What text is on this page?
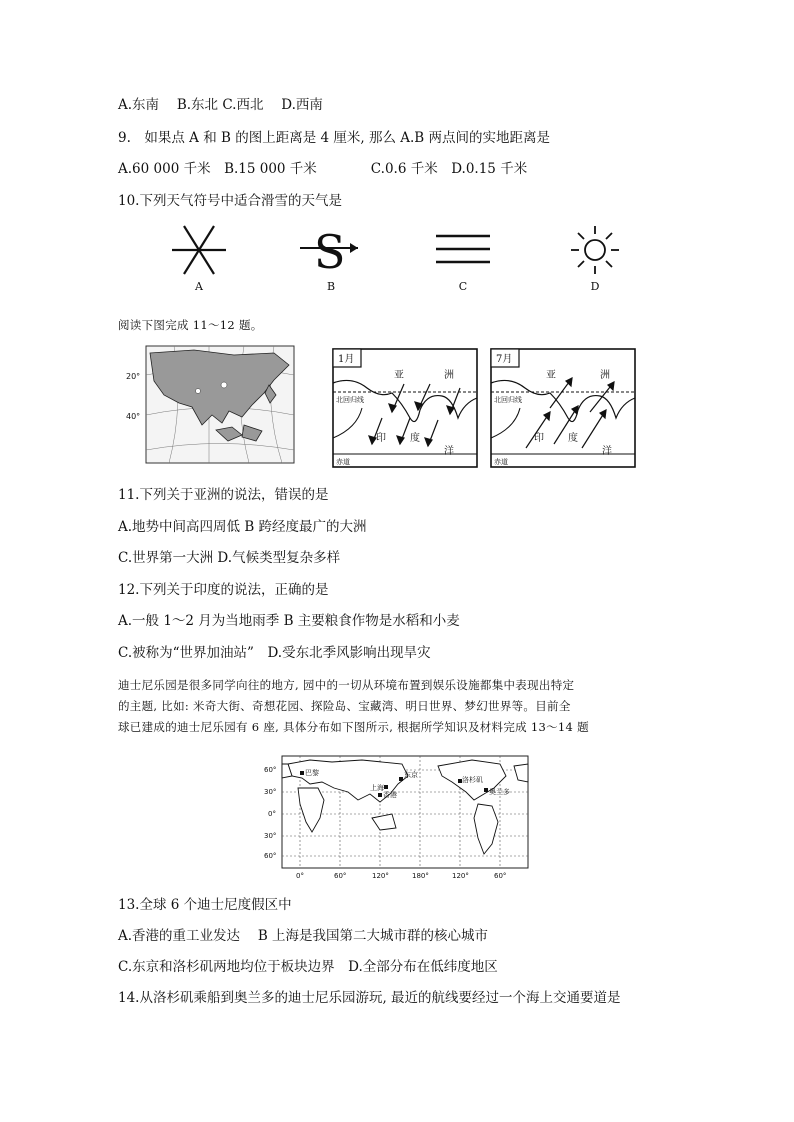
A.东南　 B.东北 C.西北　 D.西南
9.　如果点 A 和 B 的图上距离是 4 厘米, 那么 A.B 两点间的实地距离是
A.60 000 千米　B.15 000 千米　　　　C.0.6 千米　D.0.15 千米
10.下列天气符号中适合滑雪的天气是
S
A	B	C	D
阅读下图完成 11～12 题。
20°
40°
1月
北回归线
赤道
亚	洲
印 度
洋
7月
北回归线
赤道
亚	洲
印 度
洋
11.下列关于亚洲的说法，错误的是
A.地势中间高四周低 B 跨经度最广的大洲
C.世界第一大洲 D.气候类型复杂多样
12.下列关于印度的说法，正确的是
A.一般 1～2 月为当地雨季 B 主要粮食作物是水稻和小麦
C.被称为“世界加油站”　D.受东北季风影响出现旱灾
迪士尼乐园是很多同学向往的地方, 园中的一切从环境布置到娱乐设施都集中表现出特定
的主题, 比如: 米奇大街、奇想花园、探险岛、宝藏湾、明日世界、梦幻世界等。目前全
球已建成的迪士尼乐园有 6 座, 具体分布如下图所示, 根据所学知识及材料完成 13～14 题
巴黎	东京
上海
香港
洛杉矶
奥兰多
60°
30°
0°
30°
60°
0°	60°	120°	180°	120°	60°
13.全球 6 个迪士尼度假区中
A.香港的重工业发达　 B 上海是我国第二大城市群的核心城市
C.东京和洛杉矶两地均位于板块边界　D.全部分布在低纬度地区
14.从洛杉矶乘船到奥兰多的迪士尼乐园游玩, 最近的航线要经过一个海上交通要道是
